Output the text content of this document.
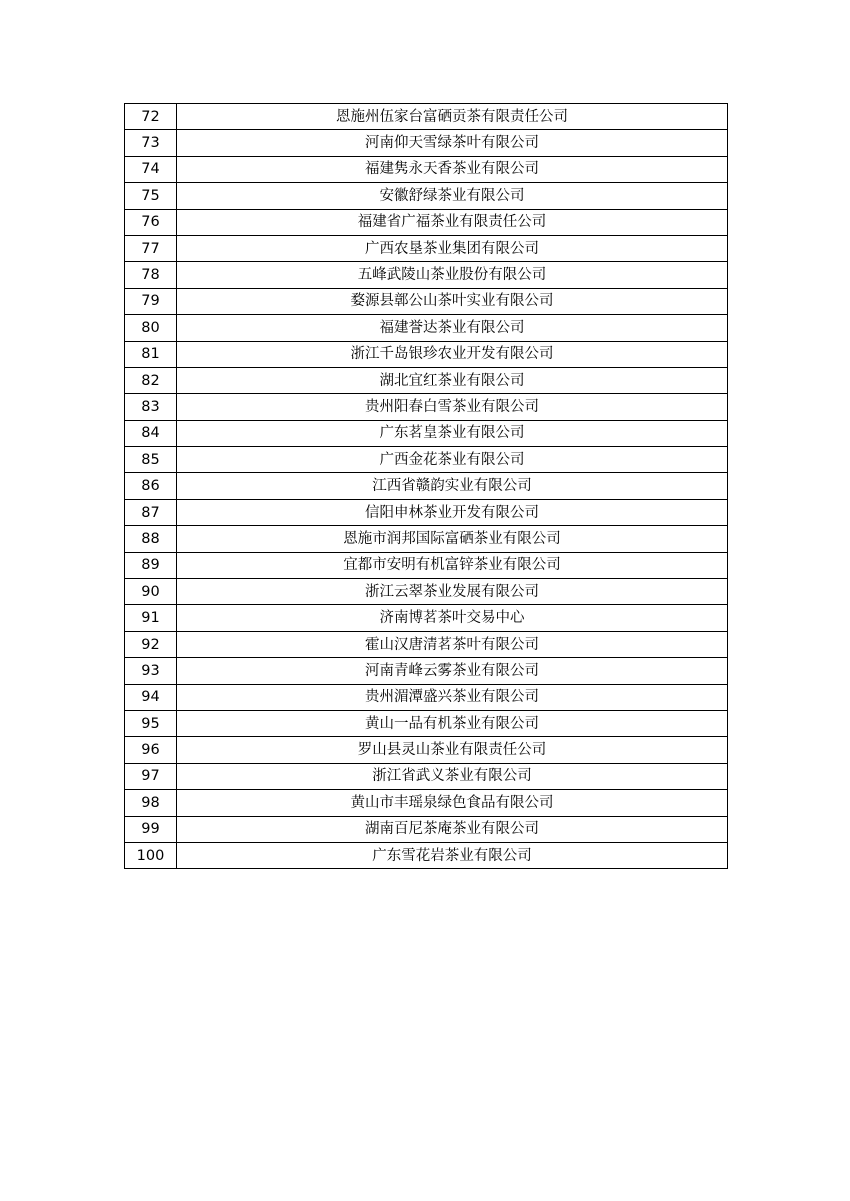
72	恩施州伍家台富硒贡茶有限责任公司
73	河南仰天雪绿茶叶有限公司
74	福建隽永天香茶业有限公司
75	安徽舒绿茶业有限公司
76	福建省广福茶业有限责任公司
77	广西农垦茶业集团有限公司
78	五峰武陵山茶业股份有限公司
79	婺源县鄣公山茶叶实业有限公司
80	福建誉达茶业有限公司
81	浙江千岛银珍农业开发有限公司
82	湖北宜红茶业有限公司
83	贵州阳春白雪茶业有限公司
84	广东茗皇茶业有限公司
85	广西金花茶业有限公司
86	江西省赣韵实业有限公司
87	信阳申林茶业开发有限公司
88	恩施市润邦国际富硒茶业有限公司
89	宜都市安明有机富锌茶业有限公司
90	浙江云翠茶业发展有限公司
91	济南博茗茶叶交易中心
92	霍山汉唐清茗茶叶有限公司
93	河南青峰云雾茶业有限公司
94	贵州湄潭盛兴茶业有限公司
95	黄山一品有机茶业有限公司
96	罗山县灵山茶业有限责任公司
97	浙江省武义茶业有限公司
98	黄山市丰瑶泉绿色食品有限公司
99	湖南百尼茶庵茶业有限公司
100	广东雪花岩茶业有限公司
